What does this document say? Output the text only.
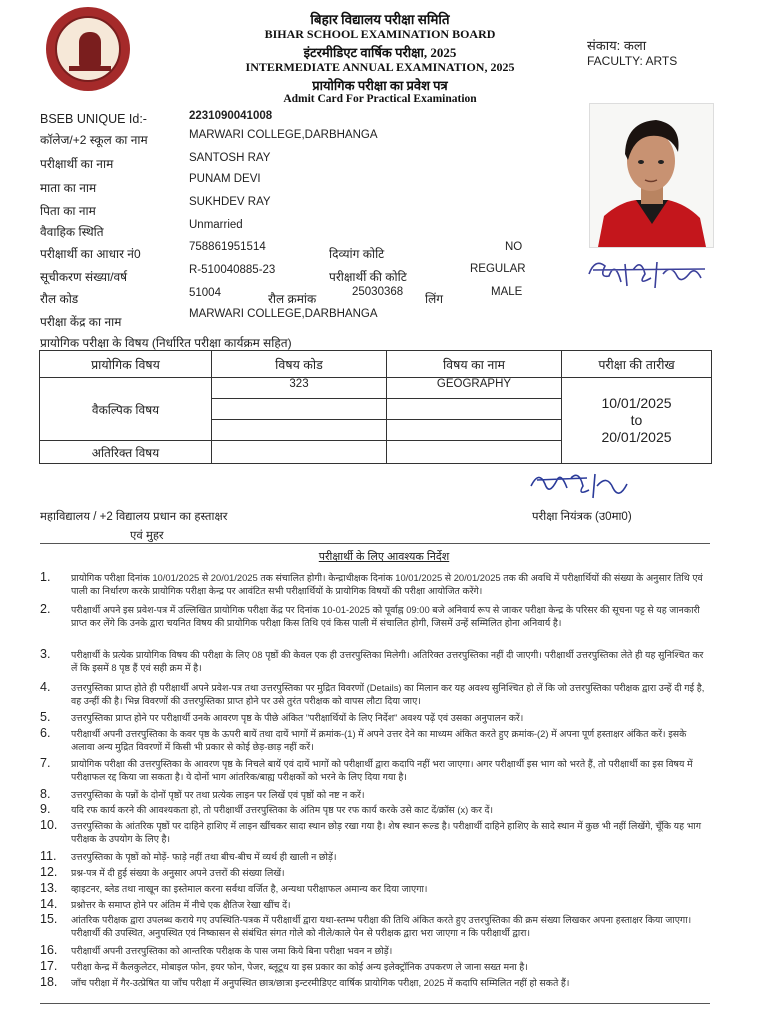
बिहार विद्यालय परीक्षा समिति
BIHAR SCHOOL EXAMINATION BOARD
इंटरमीडिएट वार्षिक परीक्षा, 2025
INTERMEDIATE ANNUAL EXAMINATION, 2025
प्रायोगिक परीक्षा का प्रवेश पत्र
Admit Card For Practical Examination
संकाय: कला
FACULTY: ARTS
BSEB UNIQUE Id:-	2231090041008
कॉलेज/+2 स्कूल का नाम	MARWARI COLLEGE,DARBHANGA
परीक्षार्थी का नाम	SANTOSH RAY
माता का नाम
PUNAM DEVI
पिता का नाम
SUKHDEV RAY
वैवाहिक स्थिति	Unmarried
परीक्षार्थी का आधार नं0	758861951514	दिव्यांग कोटि	NO
सूचीकरण संख्या/वर्ष	R-510040885-23	परीक्षार्थी की कोटि
REGULAR
रौल कोड	51004	रौल क्रमांक	25030368 लिंग	MALE
परीक्षा केंद्र का नाम
MARWARI COLLEGE,DARBHANGA
प्रायोगिक परीक्षा के विषय (निर्धारित परीक्षा कार्यक्रम सहित)
प्रायोगिक विषय	विषय कोड	विषय का नाम	परीक्षा की तारीख
वैकल्पिक विषय	323	GEOGRAPHY	10/01/2025
to
20/01/2025

अतिरिक्त विषय			
महाविद्यालय / +2 विद्यालय प्रधान का हस्ताक्षर
एवं मुहर
परीक्षा नियंत्रक (उ0मा0)
परीक्षार्थी के लिए आवश्यक निर्देश
1. प्रायोगिक परीक्षा दिनांक 10/01/2025 से 20/01/2025 तक संचालित होगी। केन्द्राधीक्षक दिनांक 10/01/2025 से 20/01/2025 तक की अवधि में परीक्षार्थियों की संख्या के अनुसार तिथि एवं पाली का निर्धारण करके प्रायोगिक परीक्षा केन्द्र पर आवंटित सभी परीक्षार्थियों के प्रायोगिक विषयों की परीक्षा आयोजित करेंगे।
2. परीक्षार्थी अपने इस प्रवेश-पत्र में उल्लिखित प्रायोगिक परीक्षा केंद्र पर दिनांक 10-01-2025 को पूर्वाह्न 09:00 बजे अनिवार्य रूप से जाकर परीक्षा केन्द्र के परिसर की सूचना पट्ट से यह जानकारी प्राप्त कर लेंगे कि उनके द्वारा चयनित विषय की प्रायोगिक परीक्षा किस तिथि एवं किस पाली में संचालित होगी, जिसमें उन्हें सम्मिलित होना अनिवार्य है।
3. परीक्षार्थी के प्रत्येक प्रायोगिक विषय की परीक्षा के लिए 08 पृष्ठों की केवल एक ही उत्तरपुस्तिका मिलेगी। अतिरिक्त उत्तरपुस्तिका नहीं दी जाएगी। परीक्षार्थी उत्तरपुस्तिका लेते ही यह सुनिश्चित कर लें कि इसमें 8 पृष्ठ हैं एवं सही क्रम में है।
4. उत्तरपुस्तिका प्राप्त होते ही परीक्षार्थी अपने प्रवेश-पत्र तथा उत्तरपुस्तिका पर मुद्रित विवरणों (Details) का मिलान कर यह अवश्य सुनिश्चित हो लें कि जो उत्तरपुस्तिका परीक्षक द्वारा उन्हें दी गई है, वह उन्हीं की है। भिन्न विवरणों की उत्तरपुस्तिका प्राप्त होने पर उसे तुरंत परीक्षक को वापस लौटा दिया जाए।
5. उत्तरपुस्तिका प्राप्त होने पर परीक्षार्थी उनके आवरण पृष्ठ के पीछे अंकित "परीक्षार्थियों के लिए निर्देश" अवश्य पढ़ें एवं उसका अनुपालन करें।
6. परीक्षार्थी अपनी उत्तरपुस्तिका के कवर पृष्ठ के ऊपरी बायें तथा दायें भागों में क्रमांक-(1) में अपने उत्तर देने का माध्यम अंकित करते हुए क्रमांक-(2) में अपना पूर्ण हस्ताक्षर अंकित करें। इसके अलावा अन्य मुद्रित विवरणों में किसी भी प्रकार से कोई छेड़-छाड़ नहीं करें।
7. प्रायोगिक परीक्षा की उत्तरपुस्तिका के आवरण पृष्ठ के निचले बायें एवं दायें भागों को परीक्षार्थी द्वारा कदापि नहीं भरा जाएगा। अगर परीक्षार्थी इस भाग को भरते हैं, तो परीक्षार्थी का इस विषय में परीक्षाफल रद्द किया जा सकता है। ये दोनों भाग आंतरिक/बाह्य परीक्षकों को भरने के लिए दिया गया है।
8. उत्तरपुस्तिका के पन्नों के दोनों पृष्ठों पर तथा प्रत्येक लाइन पर लिखें एवं पृष्ठों को नष्ट न करें।
9. यदि रफ कार्य करने की आवश्यकता हो, तो परीक्षार्थी उत्तरपुस्तिका के अंतिम पृष्ठ पर रफ कार्य करके उसे काट दें/क्रॉस (x) कर दें।
10. उत्तरपुस्तिका के आंतरिक पृष्ठों पर दाहिने हाशिए में लाइन खींचकर सादा स्थान छोड़ रखा गया है। शेष स्थान रूल्ड है। परीक्षार्थी दाहिने हाशिए के सादे स्थान में कुछ भी नहीं लिखेंगे, चूँकि यह भाग परीक्षक के उपयोग के लिए है।
11. उत्तरपुस्तिका के पृष्ठों को मोड़ें- फाड़े नहीं तथा बीच-बीच में व्यर्थ ही खाली न छोड़ें।
12. प्रश्न-पत्र में दी हुई संख्या के अनुसार अपने उत्तरों की संख्या लिखें।
13. व्हाइटनर, ब्लेड तथा नाखून का इस्तेमाल करना सर्वथा वर्जित है, अन्यथा परीक्षाफल अमान्य कर दिया जाएगा।
14. प्रश्नोत्तर के समाप्त होने पर अंतिम में नीचे एक क्षैतिज रेखा खींच दें।
15. आंतरिक परीक्षक द्वारा उपलब्ध कराये गए उपस्थिति-पत्रक में परीक्षार्थी द्वारा यथा-स्तम्भ परीक्षा की तिथि अंकित करते हुए उत्तरपुस्तिका की क्रम संख्या लिखकर अपना हस्ताक्षर किया जाएगा। परीक्षार्थी की उपस्थित, अनुपस्थित एवं निष्कासन से संबंधित संगत गोले को नीले/काले पेन से परीक्षक द्वारा भरा जाएगा न कि परीक्षार्थी द्वारा।
16. परीक्षार्थी अपनी उत्तरपुस्तिका को आन्तरिक परीक्षक के पास जमा किये बिना परीक्षा भवन न छोड़ें।
17. परीक्षा केन्द्र में कैलकुलेटर, मोबाइल फोन, इयर फोन, पेजर, ब्लूटूथ या इस प्रकार का कोई अन्य इलेक्ट्रॉनिक उपकरण ले जाना सख्त मना है।
18. जाँच परीक्षा में गैर-उत्प्रेषित या जाँच परीक्षा में अनुपस्थित छात्र/छात्रा इन्टरमीडिएट वार्षिक प्रायोगिक परीक्षा, 2025 में कदापि सम्मिलित नहीं हो सकते हैं।
